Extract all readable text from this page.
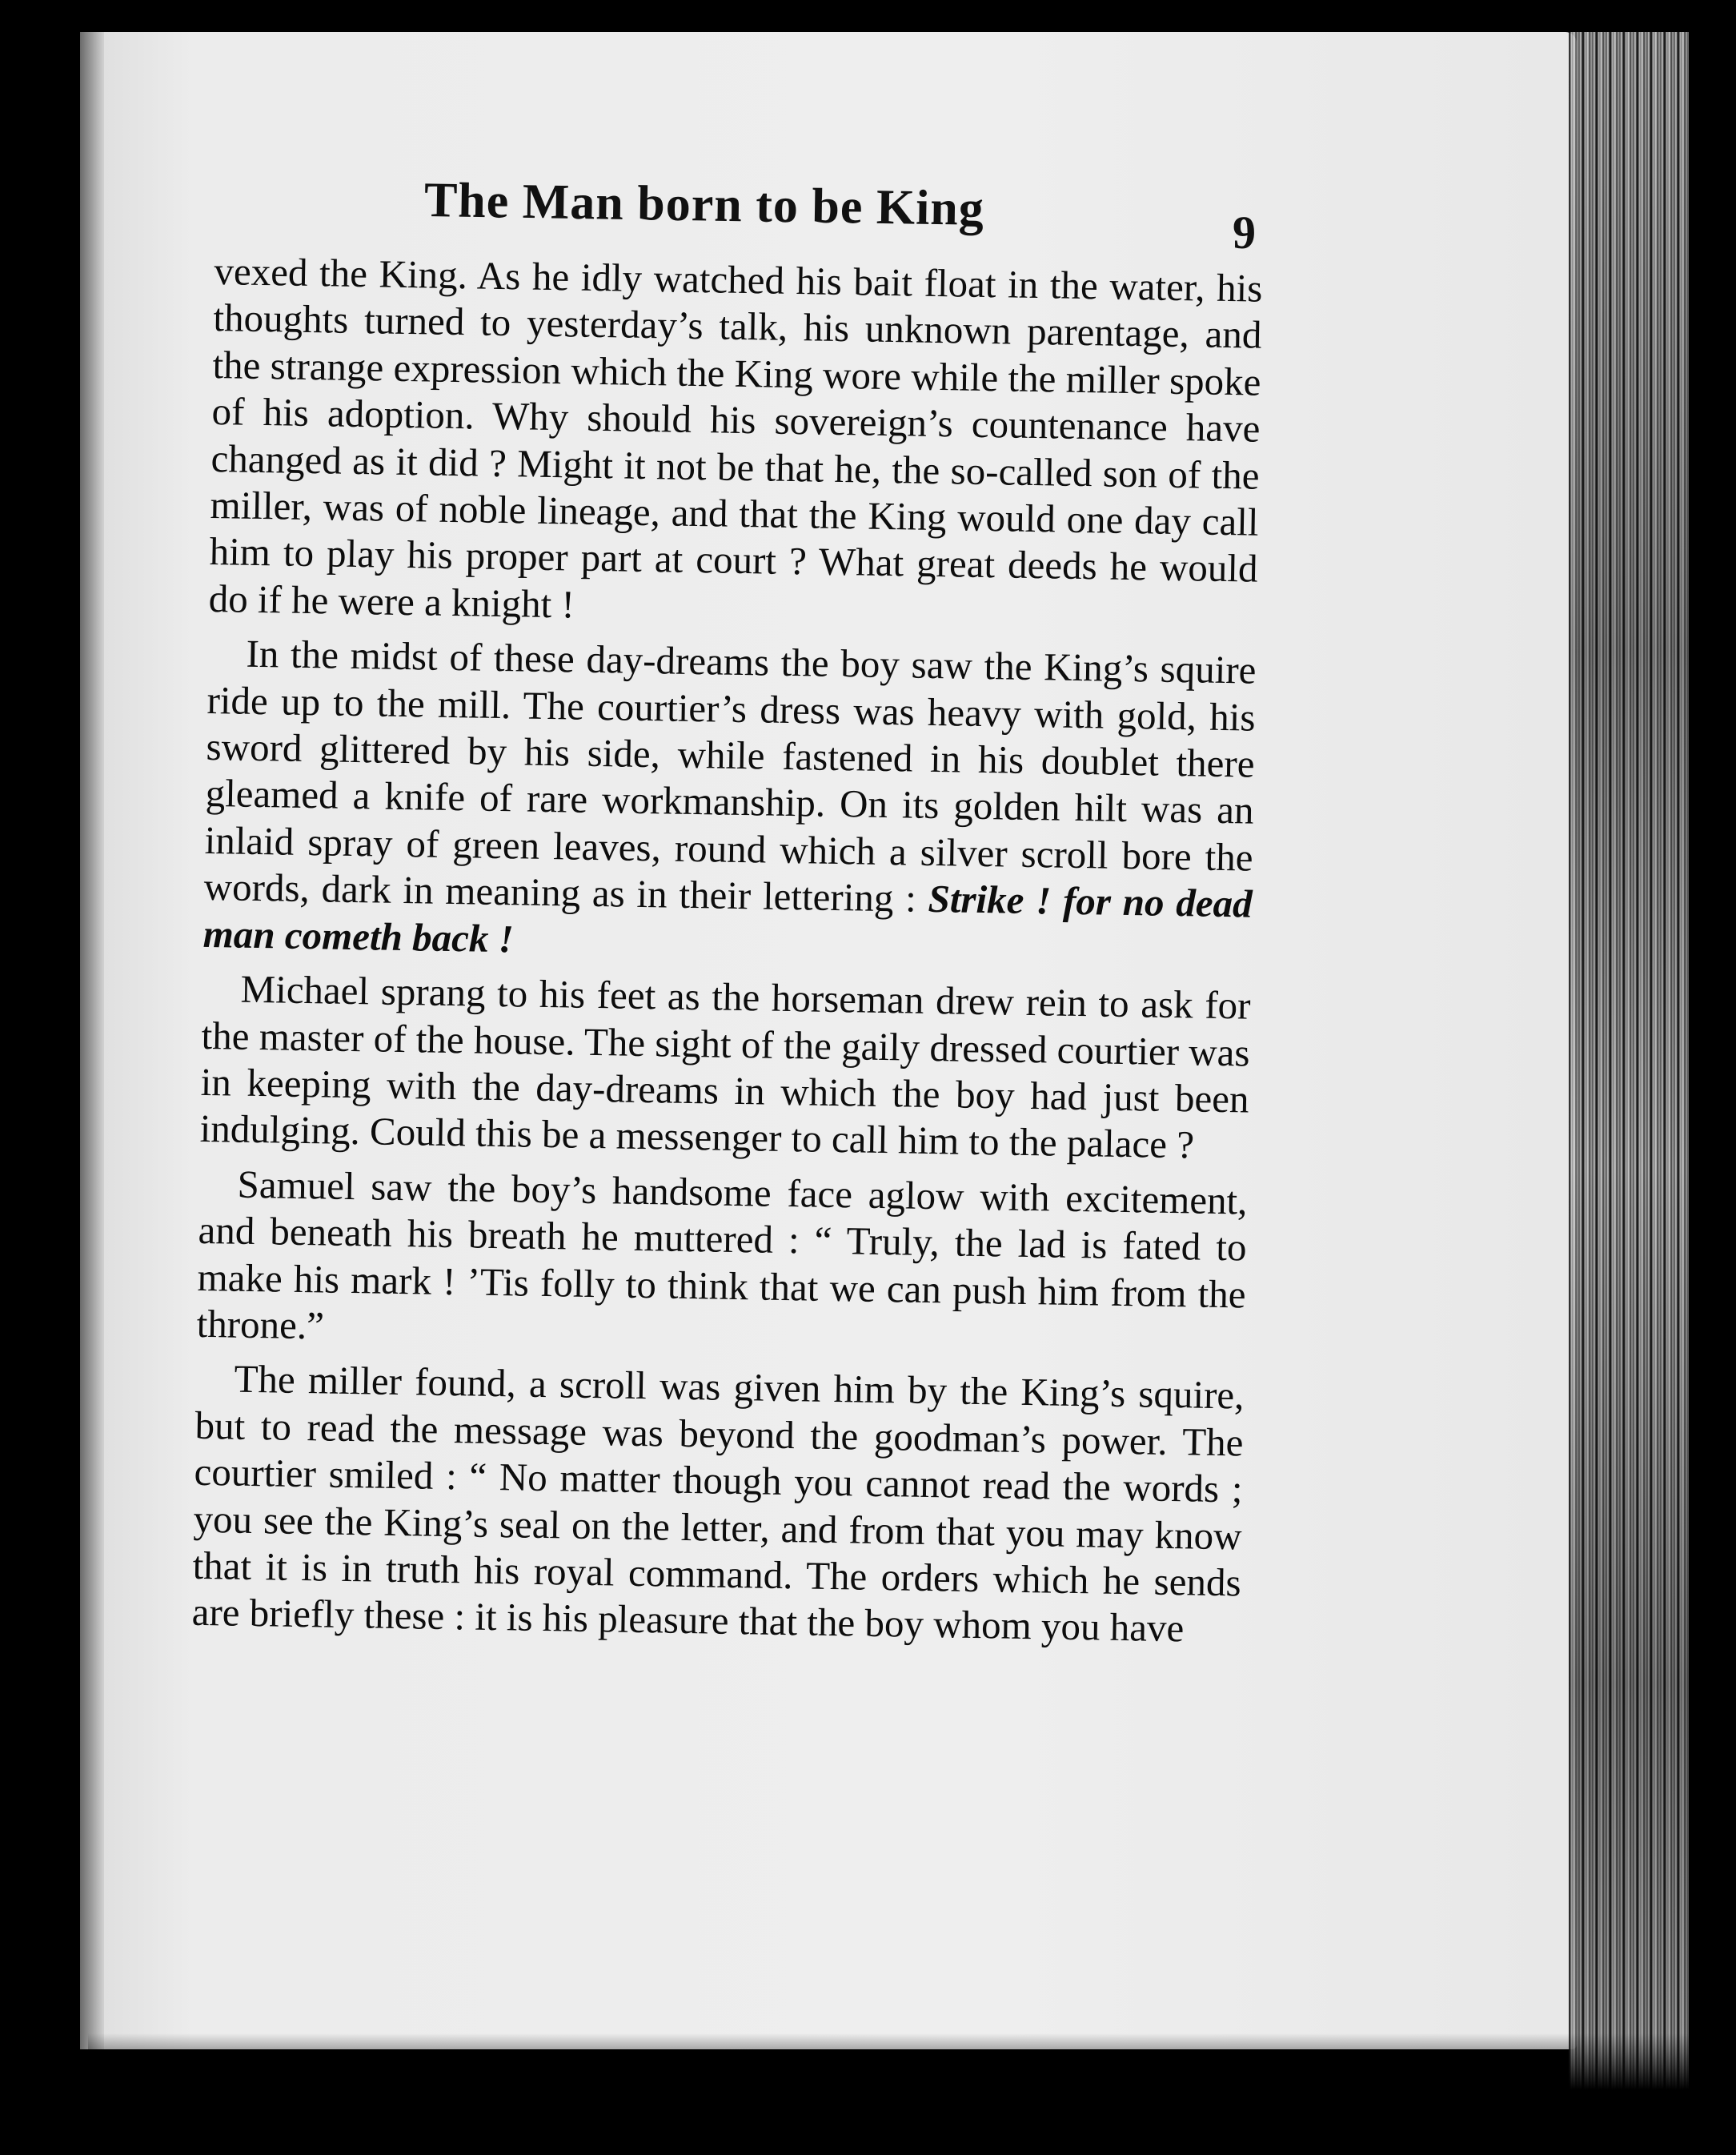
The Man born to be King	9

vexed the King. As he idly watched his bait float in the water, his thoughts turned to yesterday’s talk, his unknown parentage, and the strange expression which the King wore while the miller spoke of his adoption. Why should his sovereign’s countenance have changed as it did ? Might it not be that he, the so-called son of the miller, was of noble lineage, and that the King would one day call him to play his proper part at court ? What great deeds he would do if he were a knight !

In the midst of these day-dreams the boy saw the King’s squire ride up to the mill. The courtier’s dress was heavy with gold, his sword glittered by his side, while fastened in his doublet there gleamed a knife of rare workmanship. On its golden hilt was an inlaid spray of green leaves, round which a silver scroll bore the words, dark in meaning as in their lettering : Strike ! for no dead man cometh back !

Michael sprang to his feet as the horseman drew rein to ask for the master of the house. The sight of the gaily dressed courtier was in keeping with the day-dreams in which the boy had just been indulging. Could this be a messenger to call him to the palace ?

Samuel saw the boy’s handsome face aglow with excitement, and beneath his breath he muttered : “ Truly, the lad is fated to make his mark ! ’Tis folly to think that we can push him from the throne.”

The miller found, a scroll was given him by the King’s squire, but to read the message was beyond the goodman’s power. The courtier smiled : “ No matter though you cannot read the words ; you see the King’s seal on the letter, and from that you may know that it is in truth his royal command. The orders which he sends are briefly these : it is his pleasure that the boy whom you have
